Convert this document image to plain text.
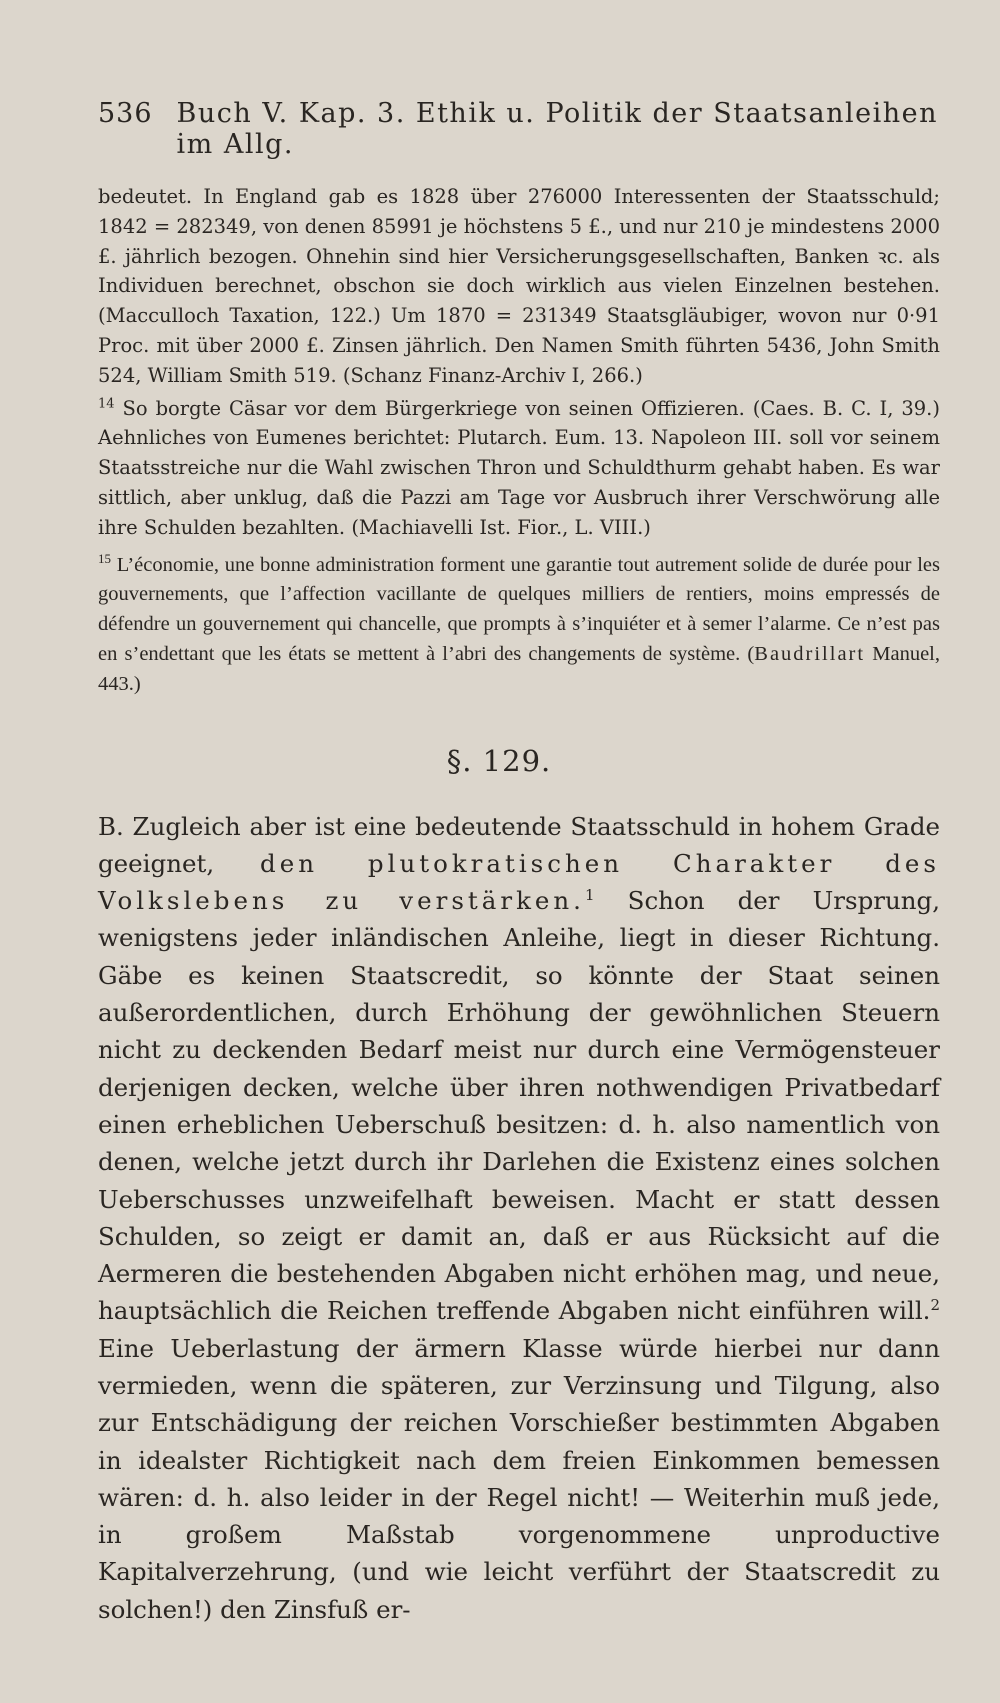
536 Buch V. Kap. 3. Ethik u. Politik der Staatsanleihen im Allg.

bedeutet. In England gab es 1828 über 276000 Interessenten der Staatsschuld; 1842 = 282349, von denen 85991 je höchstens 5 £., und nur 210 je mindestens 2000 £. jährlich bezogen. Ohnehin sind hier Versicherungsgesellschaften, Banken ꝛc. als Individuen berechnet, obschon sie doch wirklich aus vielen Einzelnen bestehen. (Macculloch Taxation, 122.) Um 1870 = 231349 Staatsgläubiger, wovon nur 0·91 Proc. mit über 2000 £. Zinsen jährlich. Den Namen Smith führten 5436, John Smith 524, William Smith 519. (Schanz Finanz-Archiv I, 266.)

$^{14}$ So borgte Cäsar vor dem Bürgerkriege von seinen Offizieren. (Caes. B. C. I, 39.) Aehnliches von Eumenes berichtet: Plutarch. Eum. 13. Napoleon III. soll vor seinem Staatsstreiche nur die Wahl zwischen Thron und Schuldthurm gehabt haben. Es war sittlich, aber unklug, daß die Pazzi am Tage vor Ausbruch ihrer Verschwörung alle ihre Schulden bezahlten. (Machiavelli Ist. Fior., L. VIII.)

$^{15}$ L’économie, une bonne administration forment une garantie tout autrement solide de durée pour les gouvernements, que l’affection vacillante de quelques milliers de rentiers, moins empressés de défendre un gouvernement qui chancelle, que prompts à s’inquiéter et à semer l’alarme. Ce n’est pas en s’endettant que les états se mettent à l’abri des changements de système. (Baudrillart Manuel, 443.)

§. 129.

B. Zugleich aber ist eine bedeutende Staatsschuld in hohem Grade geeignet, den plutokratischen Charakter des Volkslebens zu verstärken.$^1$ Schon der Ursprung, wenigstens jeder inländischen Anleihe, liegt in dieser Richtung. Gäbe es keinen Staatscredit, so könnte der Staat seinen außerordentlichen, durch Erhöhung der gewöhnlichen Steuern nicht zu deckenden Bedarf meist nur durch eine Vermögensteuer derjenigen decken, welche über ihren nothwendigen Privatbedarf einen erheblichen Ueberschuß besitzen: d. h. also namentlich von denen, welche jetzt durch ihr Darlehen die Existenz eines solchen Ueberschusses unzweifelhaft beweisen. Macht er statt dessen Schulden, so zeigt er damit an, daß er aus Rücksicht auf die Aermeren die bestehenden Abgaben nicht erhöhen mag, und neue, hauptsächlich die Reichen treffende Abgaben nicht einführen will.$^2$ Eine Ueberlastung der ärmern Klasse würde hierbei nur dann vermieden, wenn die späteren, zur Verzinsung und Tilgung, also zur Entschädigung der reichen Vorschießer bestimmten Abgaben in idealster Richtigkeit nach dem freien Einkommen bemessen wären: d. h. also leider in der Regel nicht! — Weiterhin muß jede, in großem Maßstab vorgenommene unproductive Kapitalverzehrung, (und wie leicht verführt der Staatscredit zu solchen!) den Zinsfuß er-
